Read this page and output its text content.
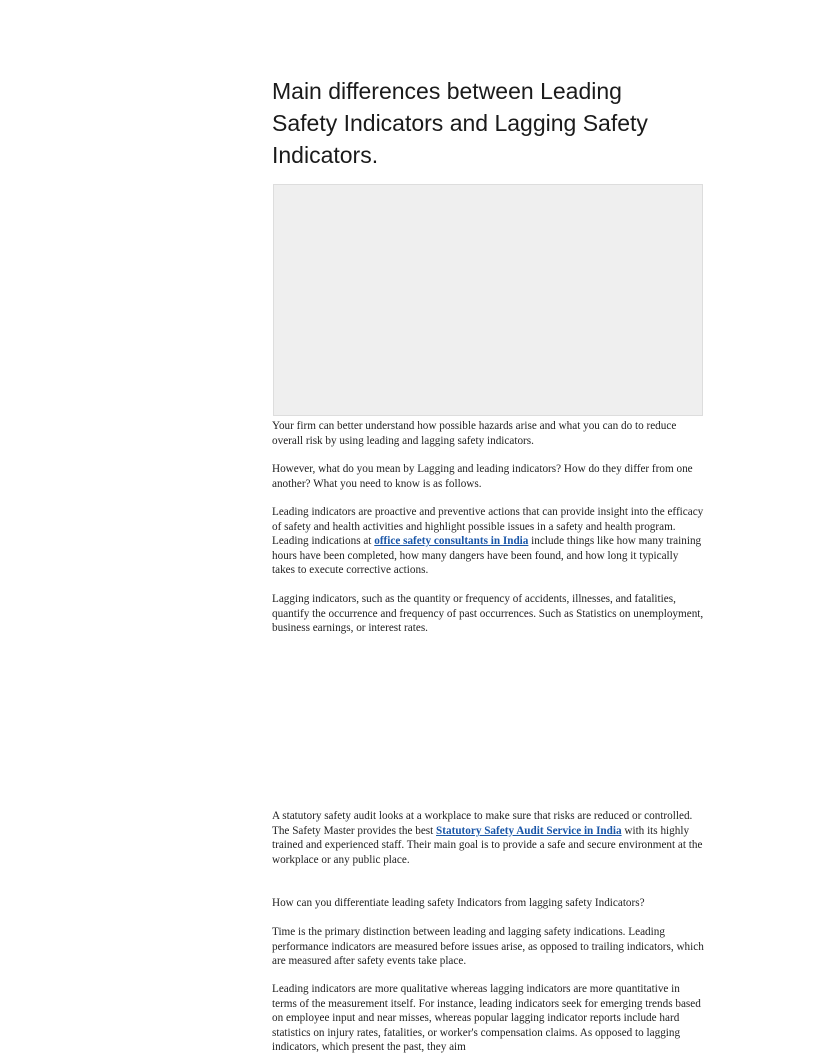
Main differences between Leading Safety Indicators and Lagging Safety Indicators.

Your firm can better understand how possible hazards arise and what you can do to reduce overall risk by using leading and lagging safety indicators.

However, what do you mean by Lagging and leading indicators? How do they differ from one another? What you need to know is as follows.

Leading indicators are proactive and preventive actions that can provide insight into the efficacy of safety and health activities and highlight possible issues in a safety and health program. Leading indications at office safety consultants in India include things like how many training hours have been completed, how many dangers have been found, and how long it typically takes to execute corrective actions.

Lagging indicators, such as the quantity or frequency of accidents, illnesses, and fatalities, quantify the occurrence and frequency of past occurrences. Such as Statistics on unemployment, business earnings, or interest rates.

A statutory safety audit looks at a workplace to make sure that risks are reduced or controlled. The Safety Master provides the best Statutory Safety Audit Service in India with its highly trained and experienced staff. Their main goal is to provide a safe and secure environment at the workplace or any public place.

How can you differentiate leading safety Indicators from lagging safety Indicators?

Time is the primary distinction between leading and lagging safety indications. Leading performance indicators are measured before issues arise, as opposed to trailing indicators, which are measured after safety events take place.

Leading indicators are more qualitative whereas lagging indicators are more quantitative in terms of the measurement itself. For instance, leading indicators seek for emerging trends based on employee input and near misses, whereas popular lagging indicator reports include hard statistics on injury rates, fatalities, or worker's compensation claims. As opposed to lagging indicators, which present the past, they aim
